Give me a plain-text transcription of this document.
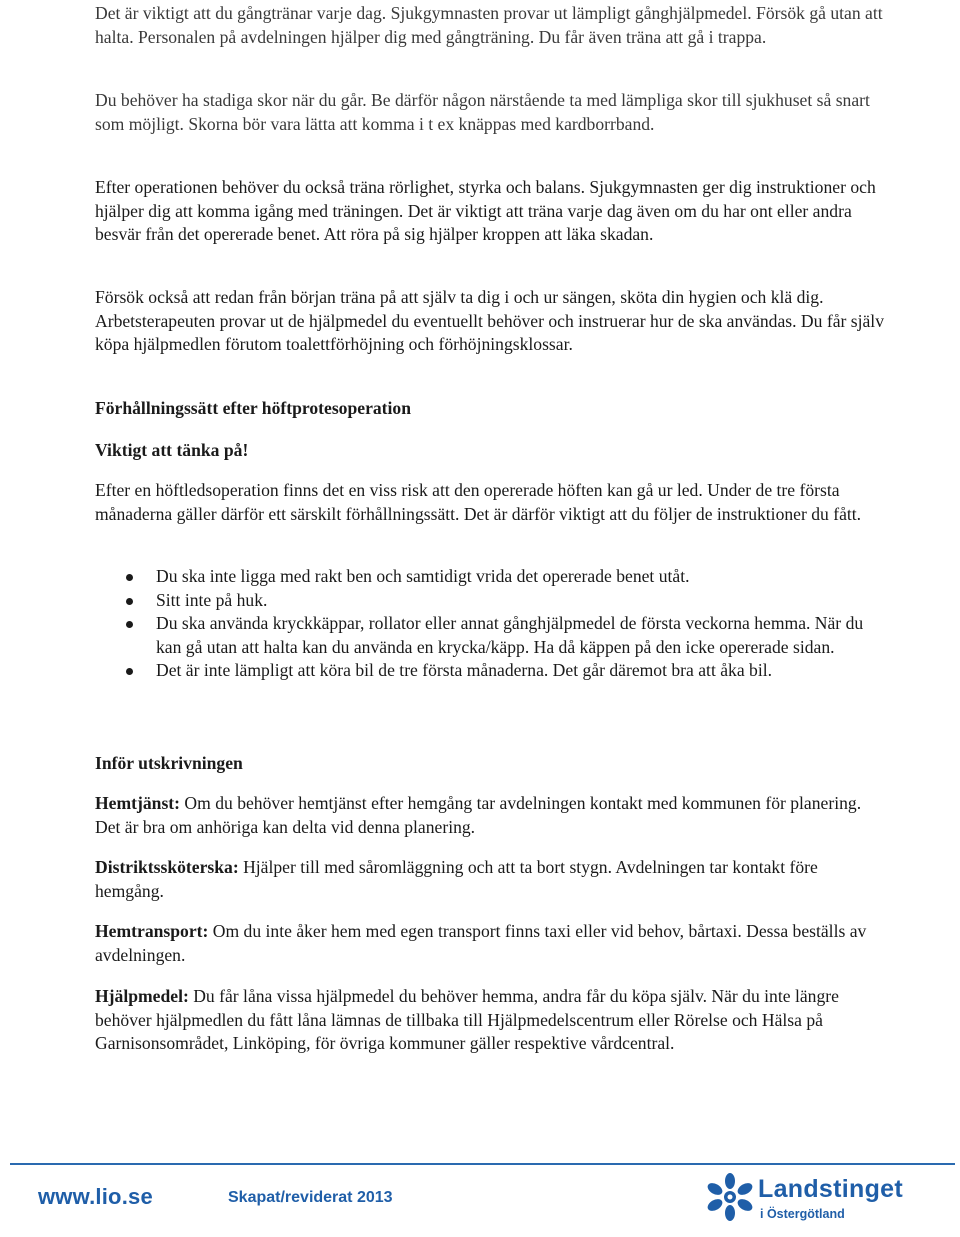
Det är viktigt att du gångtränar varje dag. Sjukgymnasten provar ut lämpligt gånghjälpmedel. Försök gå utan att halta. Personalen på avdelningen hjälper dig med gångträning. Du får även träna att gå i trappa.

Du behöver ha stadiga skor när du går. Be därför någon närstående ta med lämpliga skor till sjukhuset så snart som möjligt. Skorna bör vara lätta att komma i t ex knäppas med kardborrband.

Efter operationen behöver du också träna rörlighet, styrka och balans. Sjukgymnasten ger dig instruktioner och hjälper dig att komma igång med träningen. Det är viktigt att träna varje dag även om du har ont eller andra besvär från det opererade benet. Att röra på sig hjälper kroppen att läka skadan.

Försök också att redan från början träna på att själv ta dig i och ur sängen, sköta din hygien och klä dig. Arbetsterapeuten provar ut de hjälpmedel du eventuellt behöver och instruerar hur de ska användas. Du får själv köpa hjälpmedlen förutom toalettförhöjning och förhöjningsklossar.

Förhållningssätt efter höftprotesoperation

Viktigt att tänka på!

Efter en höftledsoperation finns det en viss risk att den opererade höften kan gå ur led. Under de tre första månaderna gäller därför ett särskilt förhållningssätt. Det är därför viktigt att du följer de instruktioner du fått.

Du ska inte ligga med rakt ben och samtidigt vrida det opererade benet utåt.
Sitt inte på huk.
Du ska använda kryckkäppar, rollator eller annat gånghjälpmedel de första veckorna hemma. När du kan gå utan att halta kan du använda en krycka/käpp. Ha då käppen på den icke opererade sidan.
Det är inte lämpligt att köra bil de tre första månaderna. Det går däremot bra att åka bil.

Inför utskrivningen

Hemtjänst: Om du behöver hemtjänst efter hemgång tar avdelningen kontakt med kommunen för planering. Det är bra om anhöriga kan delta vid denna planering.

Distriktssköterska: Hjälper till med såromläggning och att ta bort stygn. Avdelningen tar kontakt före hemgång.

Hemtransport: Om du inte åker hem med egen transport finns taxi eller vid behov, bårtaxi. Dessa beställs av avdelningen.

Hjälpmedel: Du får låna vissa hjälpmedel du behöver hemma, andra får du köpa själv. När du inte längre behöver hjälpmedlen du fått låna lämnas de tillbaka till Hjälpmedelscentrum eller Rörelse och Hälsa på Garnisonsområdet, Linköping, för övriga kommuner gäller respektive vårdcentral.

www.lio.se	Skapat/reviderat 2013	Landstinget
i Östergötland
